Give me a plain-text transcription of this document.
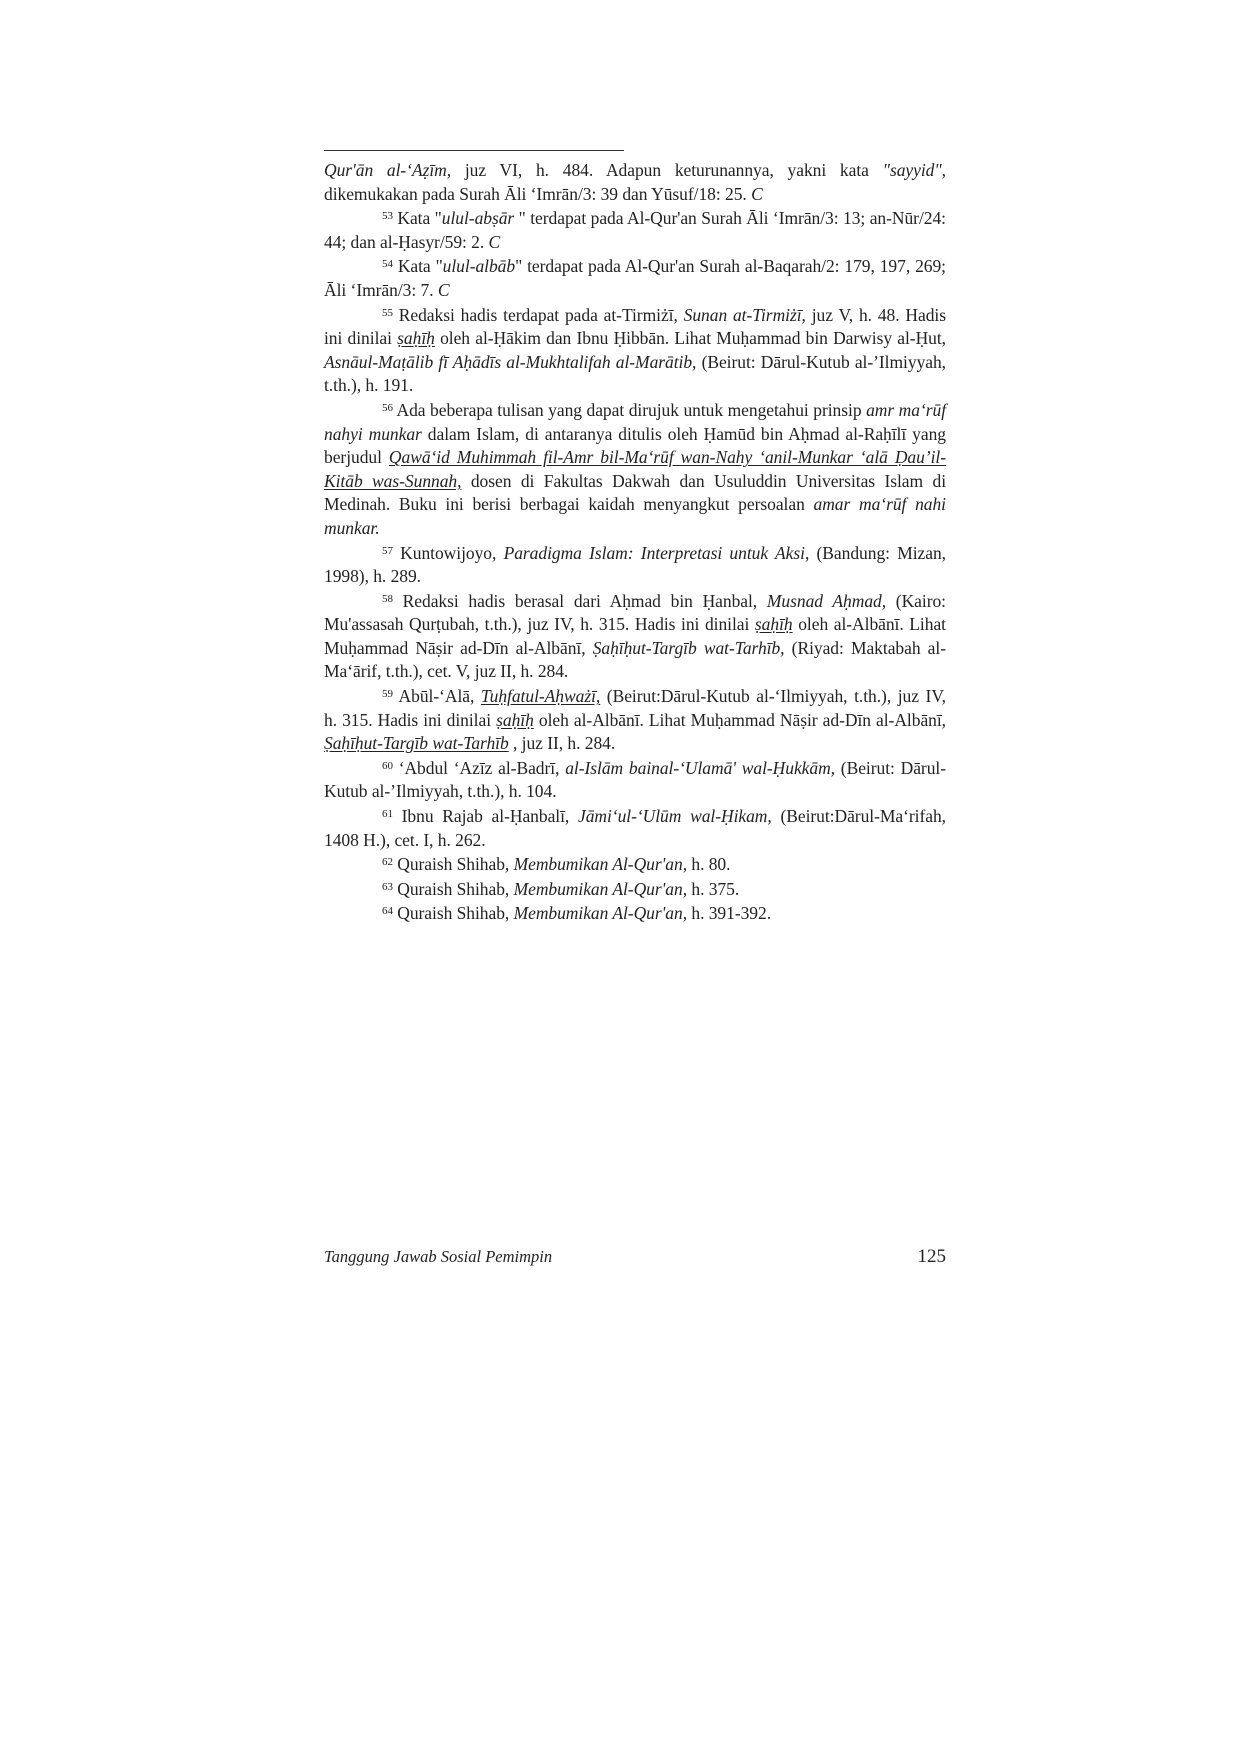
Qur'ān al-‘Aẓīm, juz VI, h. 484. Adapun keturunannya, yakni kata "sayyid", dikemukakan pada Surah Āli ‘Imrān/3: 39 dan Yūsuf/18: 25. C

$^{53}$ Kata "ulul-abṣār " terdapat pada Al-Qur'an Surah Āli ‘Imrān/3: 13; an-Nūr/24: 44; dan al-Ḥasyr/59: 2. C

$^{54}$ Kata "ulul-albāb" terdapat pada Al-Qur'an Surah al-Baqarah/2: 179, 197, 269; Āli ‘Imrān/3: 7. C

$^{55}$ Redaksi hadis terdapat pada at-Tirmiżī, Sunan at-Tirmiżī, juz V, h. 48. Hadis ini dinilai ṣaḥīḥ oleh al-Ḥākim dan Ibnu Ḥibbān. Lihat Muḥammad bin Darwisy al-Ḥut, Asnāul-Maṭālib fī Aḥādīs al-Mukhtalifah al-Marātib, (Beirut: Dārul-Kutub al-’Ilmiyyah, t.th.), h. 191.

$^{56}$ Ada beberapa tulisan yang dapat dirujuk untuk mengetahui prinsip amr ma‘rūf nahyi munkar dalam Islam, di antaranya ditulis oleh Ḥamūd bin Aḥmad al-Raḥīlī yang berjudul Qawā‘id Muhimmah fil-Amr bil-Ma‘rūf wan-Nahy ‘anil-Munkar ‘alā Ḍau’il-Kitāb was-Sunnah, dosen di Fakultas Dakwah dan Usuluddin Universitas Islam di Medinah. Buku ini berisi berbagai kaidah menyangkut persoalan amar ma‘rūf nahi munkar.

$^{57}$ Kuntowijoyo, Paradigma Islam: Interpretasi untuk Aksi, (Bandung: Mizan, 1998), h. 289.

$^{58}$ Redaksi hadis berasal dari Aḥmad bin Ḥanbal, Musnad Aḥmad, (Kairo: Mu'assasah Qurṭubah, t.th.), juz IV, h. 315. Hadis ini dinilai ṣaḥīḥ oleh al-Albānī. Lihat Muḥammad Nāṣir ad-Dīn al-Albānī, Ṣaḥīḥut-Targīb wat-Tarhīb, (Riyad: Maktabah al-Ma‘ārif, t.th.), cet. V, juz II, h. 284.

$^{59}$ Abūl-‘Alā, Tuḥfatul-Aḥważī, (Beirut:Dārul-Kutub al-‘Ilmiyyah, t.th.), juz IV, h. 315. Hadis ini dinilai ṣaḥīḥ oleh al-Albānī. Lihat Muḥammad Nāṣir ad-Dīn al-Albānī, Ṣaḥīḥut-Targīb wat-Tarhīb , juz II, h. 284.

$^{60}$ ‘Abdul ‘Azīz al-Badrī, al-Islām bainal-‘Ulamā' wal-Ḥukkām, (Beirut: Dārul-Kutub al-’Ilmiyyah, t.th.), h. 104.

$^{61}$ Ibnu Rajab al-Ḥanbalī, Jāmi‘ul-‘Ulūm wal-Ḥikam, (Beirut:Dārul-Ma‘rifah, 1408 H.), cet. I, h. 262.

$^{62}$ Quraish Shihab, Membumikan Al-Qur'an, h. 80.

$^{63}$ Quraish Shihab, Membumikan Al-Qur'an, h. 375.

$^{64}$ Quraish Shihab, Membumikan Al-Qur'an, h. 391-392.

Tanggung Jawab Sosial Pemimpin	125
